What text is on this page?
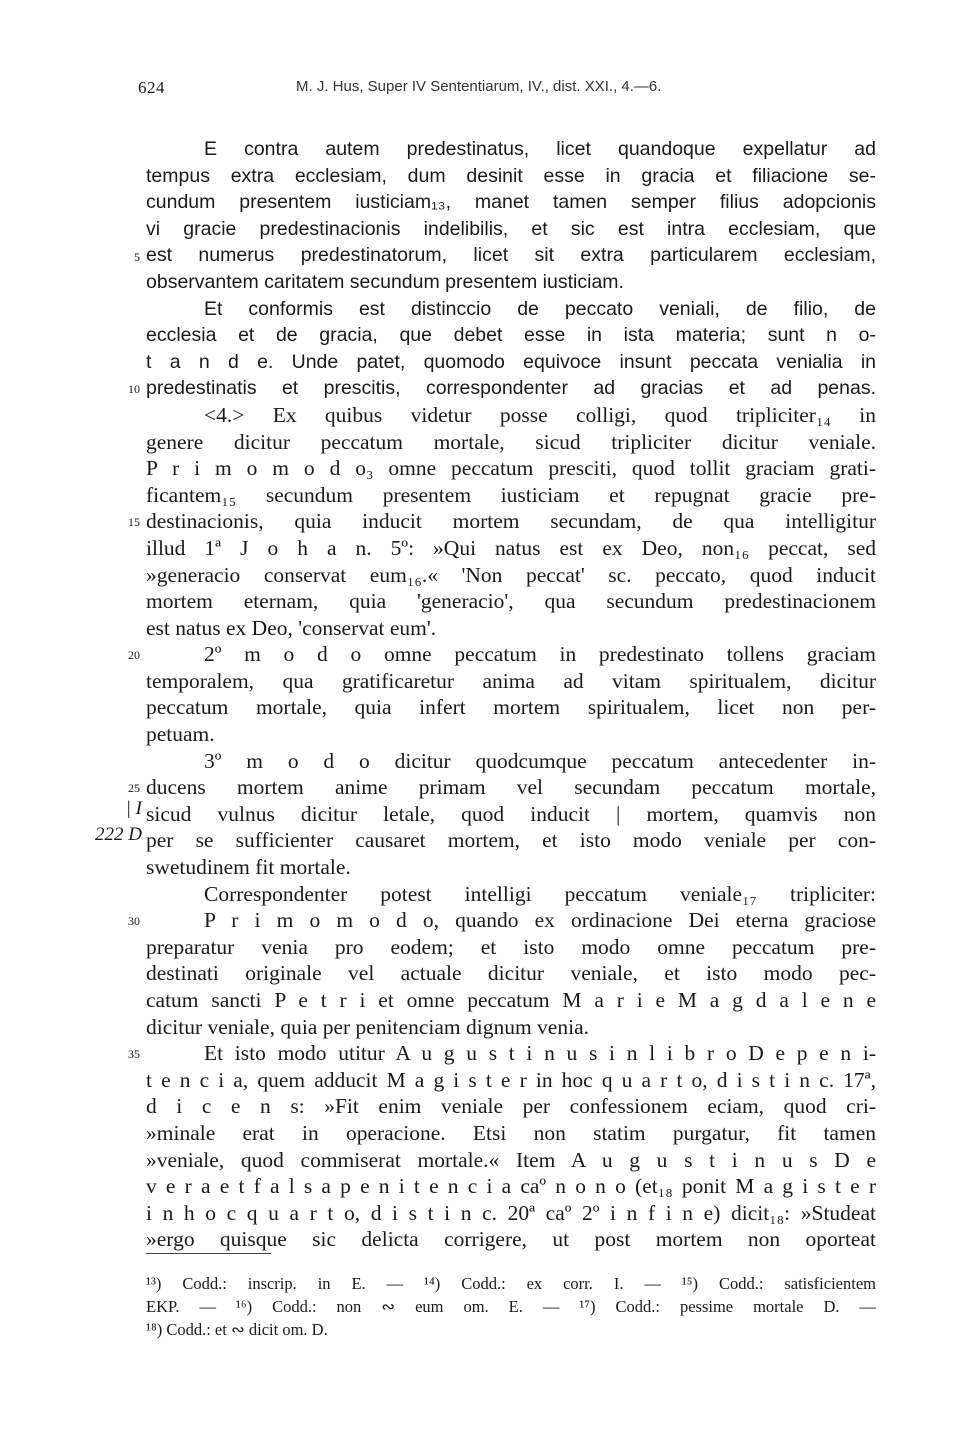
624	M. J. Hus, Super IV Sententiarum, IV., dist. XXI., 4.—6.
5
10
15
20
25
30
35
| I
222 D
E contra autem predestinatus, licet quandoque expellatur ad
tempus extra ecclesiam, dum desinit esse in gracia et filiacione se-
cundum presentem iusticiam₁₃, manet tamen semper filius adopcionis
vi gracie predestinacionis indelibilis, et sic est intra ecclesiam, que
est numerus predestinatorum, licet sit extra particularem ecclesiam,
observantem caritatem secundum presentem iusticiam.
Et conformis est distinccio de peccato veniali, de filio, de
ecclesia et de gracia, que debet esse in ista materia; sunt n o-
t a n d e. Unde patet, quomodo equivoce insunt peccata venialia in
predestinatis et prescitis, correspondenter ad gracias et ad penas.
<4.> Ex quibus videtur posse colligi, quod tripliciter₁₄ in
genere dicitur peccatum mortale, sicud tripliciter dicitur veniale.
P r i m o m o d o₃ omne peccatum presciti, quod tollit graciam grati-
ficantem₁₅ secundum presentem iusticiam et repugnat gracie pre-
destinacionis, quia inducit mortem secundam, de qua intelligitur
illud 1ª J o h a n. 5º: »Qui natus est ex Deo, non₁₆ peccat, sed
»generacio conservat eum₁₆.« 'Non peccat' sc. peccato, quod inducit
mortem eternam, quia 'generacio', qua secundum predestinacionem
est natus ex Deo, 'conservat eum'.
2º m o d o omne peccatum in predestinato tollens graciam
temporalem, qua gratificaretur anima ad vitam spiritualem, dicitur
peccatum mortale, quia infert mortem spiritualem, licet non per-
petuam.
3º m o d o dicitur quodcumque peccatum antecedenter in-
ducens mortem anime primam vel secundam peccatum mortale,
sicud vulnus dicitur letale, quod inducit | mortem, quamvis non
per se sufficienter causaret mortem, et isto modo veniale per con-
swetudinem fit mortale.
Correspondenter potest intelligi peccatum veniale₁₇ tripliciter:
P r i m o m o d o, quando ex ordinacione Dei eterna graciose
preparatur venia pro eodem; et isto modo omne peccatum pre-
destinati originale vel actuale dicitur veniale, et isto modo pec-
catum sancti P e t r i et omne peccatum M a r i e M a g d a l e n e
dicitur veniale, quia per penitenciam dignum venia.
Et isto modo utitur A u g u s t i n u s i n l i b r o D e p e n i-
t e n c i a, quem adducit M a g i s t e r in hoc q u a r t o, d i s t i n c. 17ª,
d i c e n s: »Fit enim veniale per confessionem eciam, quod cri-
»minale erat in operacione. Etsi non statim purgatur, fit tamen
»veniale, quod commiserat mortale.« Item A u g u s t i n u s D e
v e r a e t f a l s a p e n i t e n c i a caº n o n o (et₁₈ ponit M a g i s t e r
i n h o c q u a r t o, d i s t i n c. 20ª caº 2º i n f i n e) dicit₁₈: »Studeat
»ergo quisque sic delicta corrigere, ut post mortem non oporteat
¹³) Codd.: inscrip. in E. — ¹⁴) Codd.: ex corr. I. — ¹⁵) Codd.: satisficientem
EKP. — ¹⁶) Codd.: non ∾ eum om. E. — ¹⁷) Codd.: pessime mortale D. —
¹⁸) Codd.: et ∾ dicit om. D.
